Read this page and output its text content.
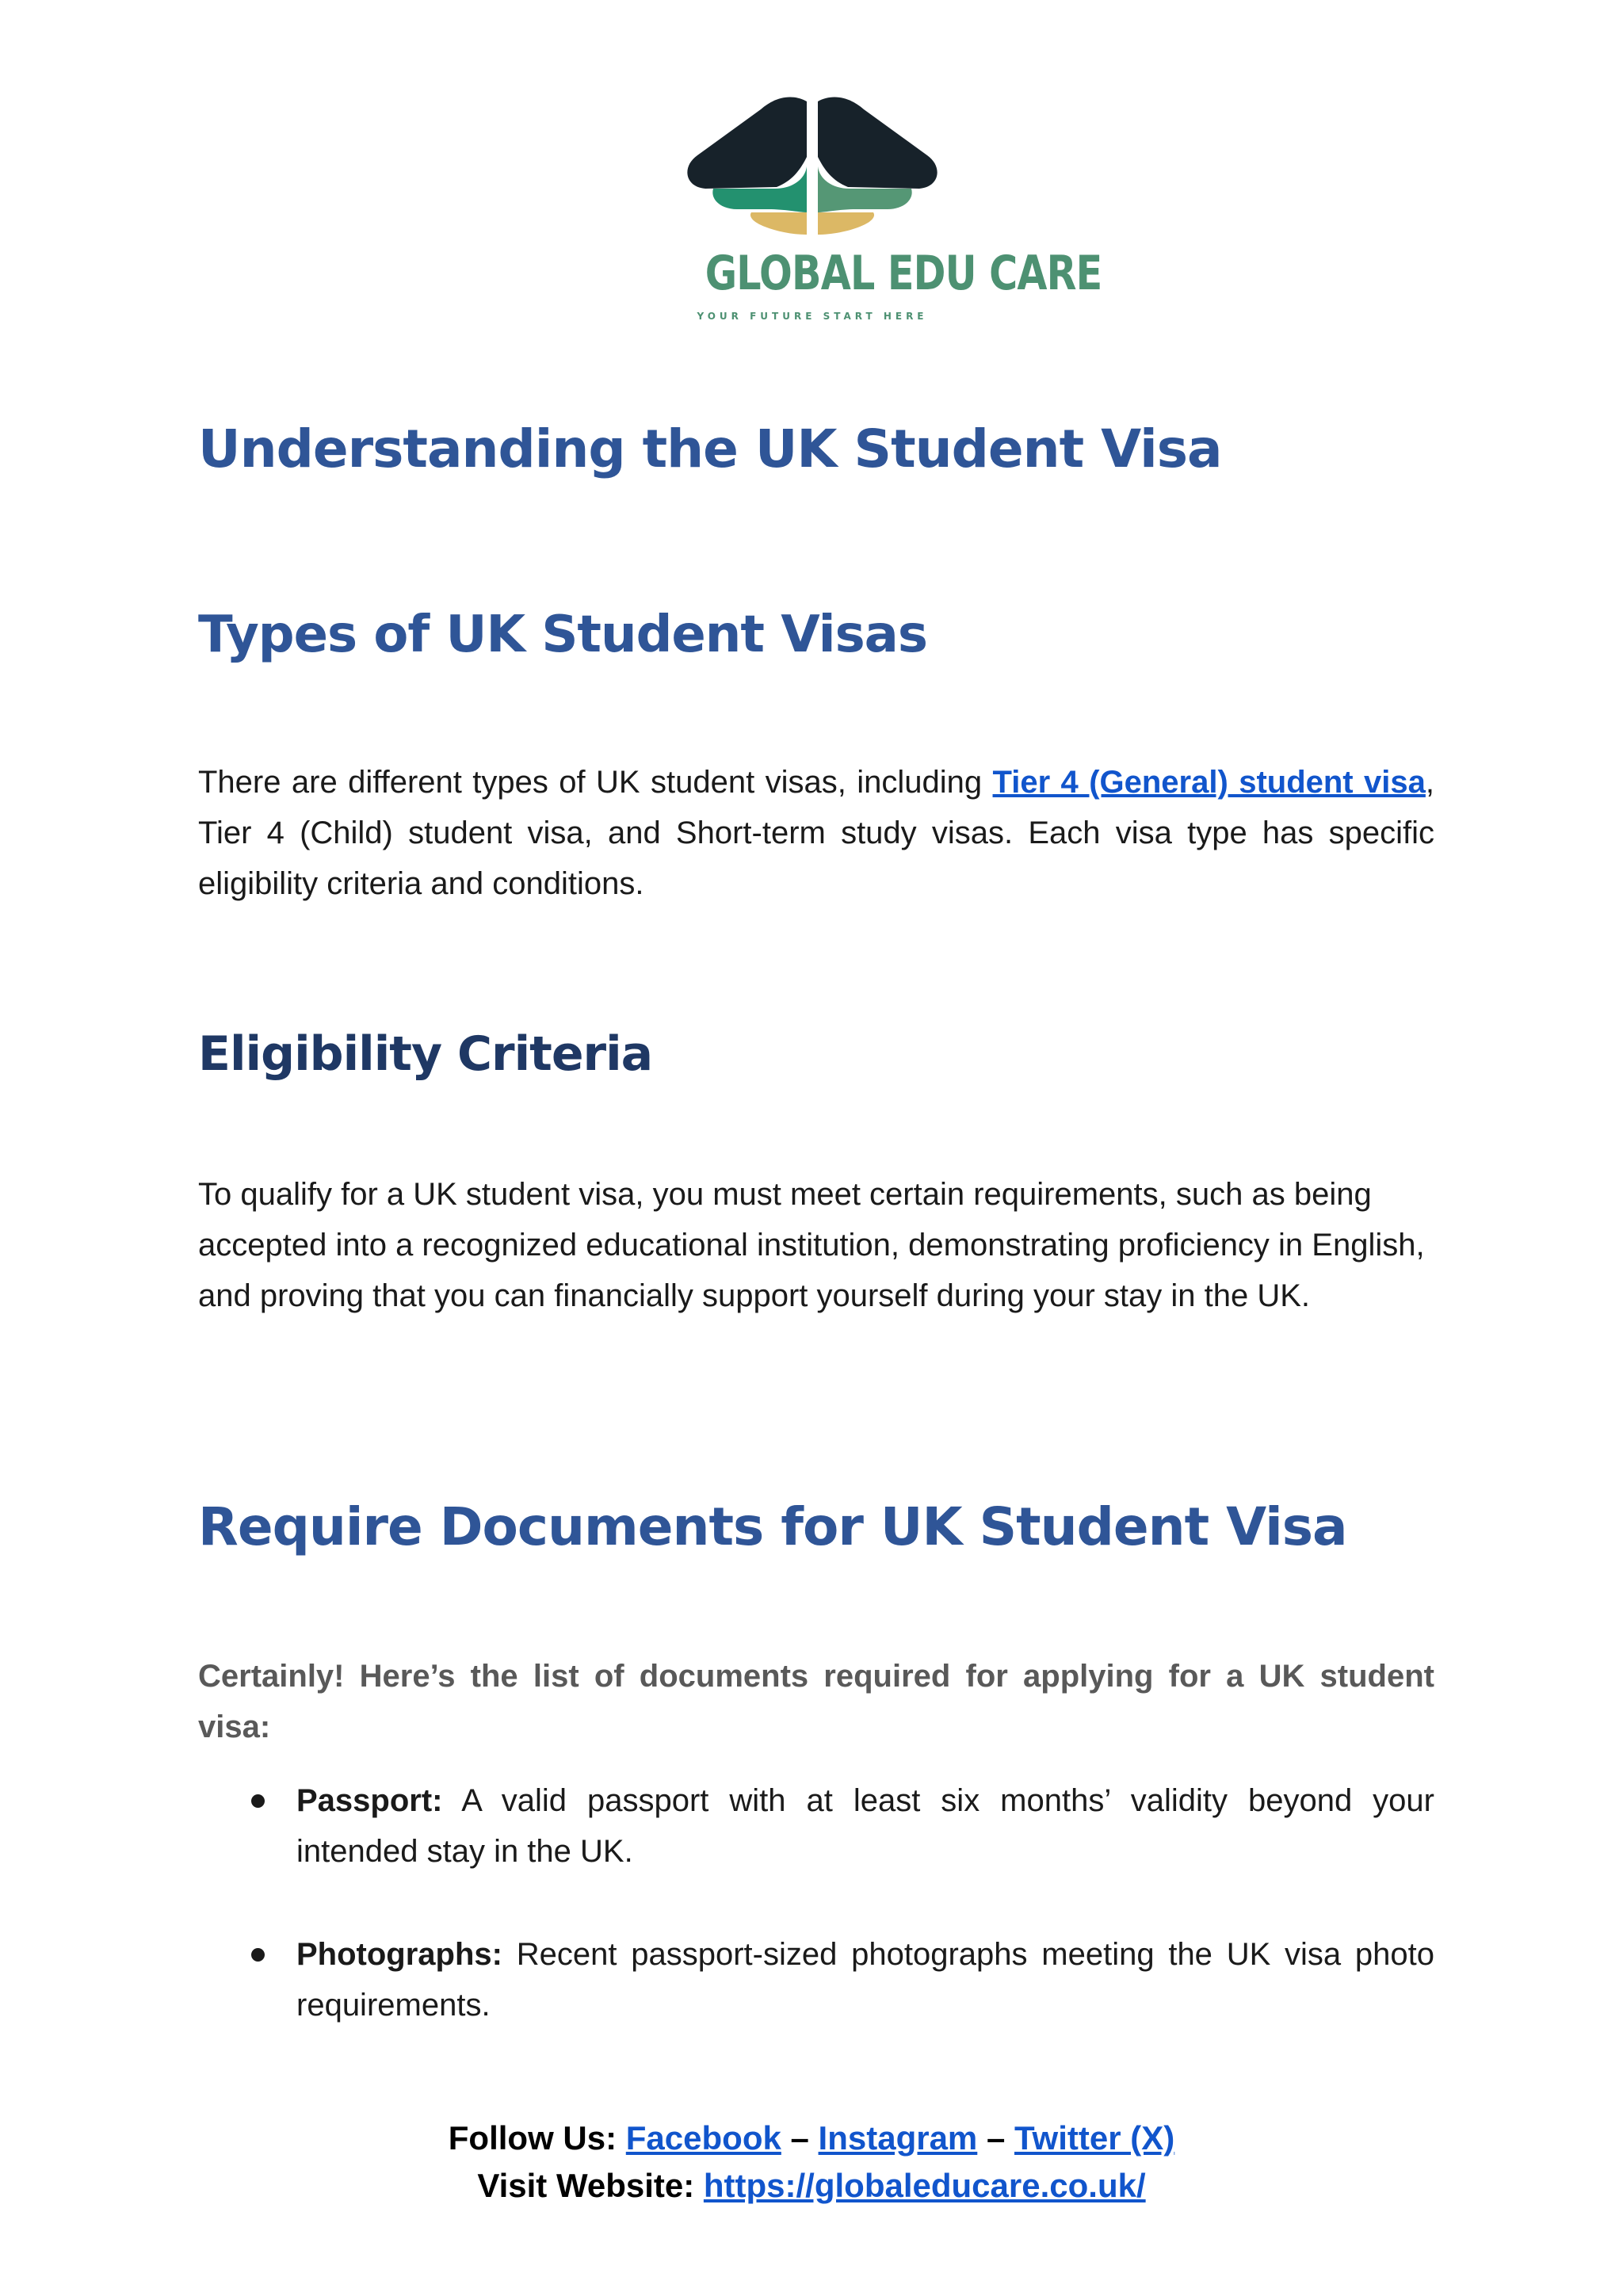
GLOBAL EDU CARE
YOUR FUTURE START HERE
Understanding the UK Student Visa
Types of UK Student Visas

There are different types of UK student visas, including Tier 4 (General) student visa, Tier 4 (Child) student visa, and Short-term study visas. Each visa type has specific eligibility criteria and conditions.

Eligibility Criteria

To qualify for a UK student visa, you must meet certain requirements, such as being accepted into a recognized educational institution, demonstrating proficiency in English, and proving that you can financially support yourself during your stay in the UK.

Require Documents for UK Student Visa

Certainly! Here’s the list of documents required for applying for a UK student visa:

Passport: A valid passport with at least six months’ validity beyond your intended stay in the UK.
Photographs: Recent passport-sized photographs meeting the UK visa photo requirements.
Follow Us: Facebook – Instagram – Twitter (X)
Visit Website: https://globaleducare.co.uk/
